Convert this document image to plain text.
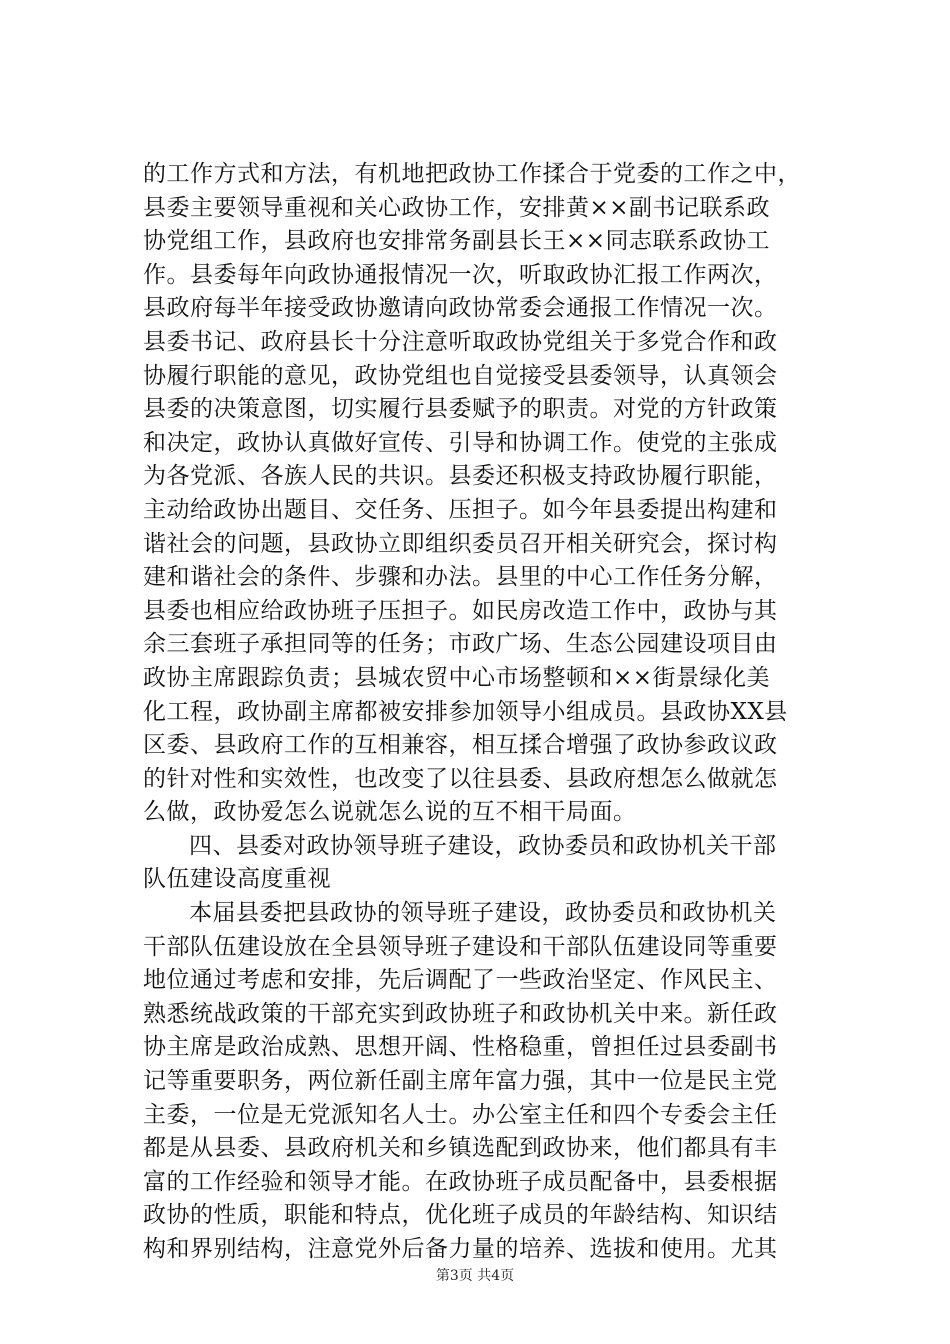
的工作方式和方法，有机地把政协工作揉合于党委的工作之中，
县委主要领导重视和关心政协工作，安排黄××副书记联系政
协党组工作，县政府也安排常务副县长王××同志联系政协工
作。县委每年向政协通报情况一次，听取政协汇报工作两次，
县政府每半年接受政协邀请向政协常委会通报工作情况一次。
县委书记、政府县长十分注意听取政协党组关于多党合作和政
协履行职能的意见，政协党组也自觉接受县委领导，认真领会
县委的决策意图，切实履行县委赋予的职责。对党的方针政策
和决定，政协认真做好宣传、引导和协调工作。使党的主张成
为各党派、各族人民的共识。县委还积极支持政协履行职能，
主动给政协出题目、交任务、压担子。如今年县委提出构建和
谐社会的问题，县政协立即组织委员召开相关研究会，探讨构
建和谐社会的条件、步骤和办法。县里的中心工作任务分解，
县委也相应给政协班子压担子。如民房改造工作中，政协与其
余三套班子承担同等的任务；市政广场、生态公园建设项目由
政协主席跟踪负责；县城农贸中心市场整顿和××街景绿化美
化工程，政协副主席都被安排参加领导小组成员。县政协XX县
区委、县政府工作的互相兼容，相互揉合增强了政协参政议政
的针对性和实效性，也改变了以往县委、县政府想怎么做就怎
么做，政协爱怎么说就怎么说的互不相干局面。
四、县委对政协领导班子建设，政协委员和政协机关干部
队伍建设高度重视
本届县委把县政协的领导班子建设，政协委员和政协机关
干部队伍建设放在全县领导班子建设和干部队伍建设同等重要
地位通过考虑和安排，先后调配了一些政治坚定、作风民主、
熟悉统战政策的干部充实到政协班子和政协机关中来。新任政
协主席是政治成熟、思想开阔、性格稳重，曾担任过县委副书
记等重要职务，两位新任副主席年富力强，其中一位是民主党
主委，一位是无党派知名人士。办公室主任和四个专委会主任
都是从县委、县政府机关和乡镇选配到政协来，他们都具有丰
富的工作经验和领导才能。在政协班子成员配备中，县委根据
政协的性质，职能和特点，优化班子成员的年龄结构、知识结
构和界别结构，注意党外后备力量的培养、选拔和使用。尤其
第3页 共4页
